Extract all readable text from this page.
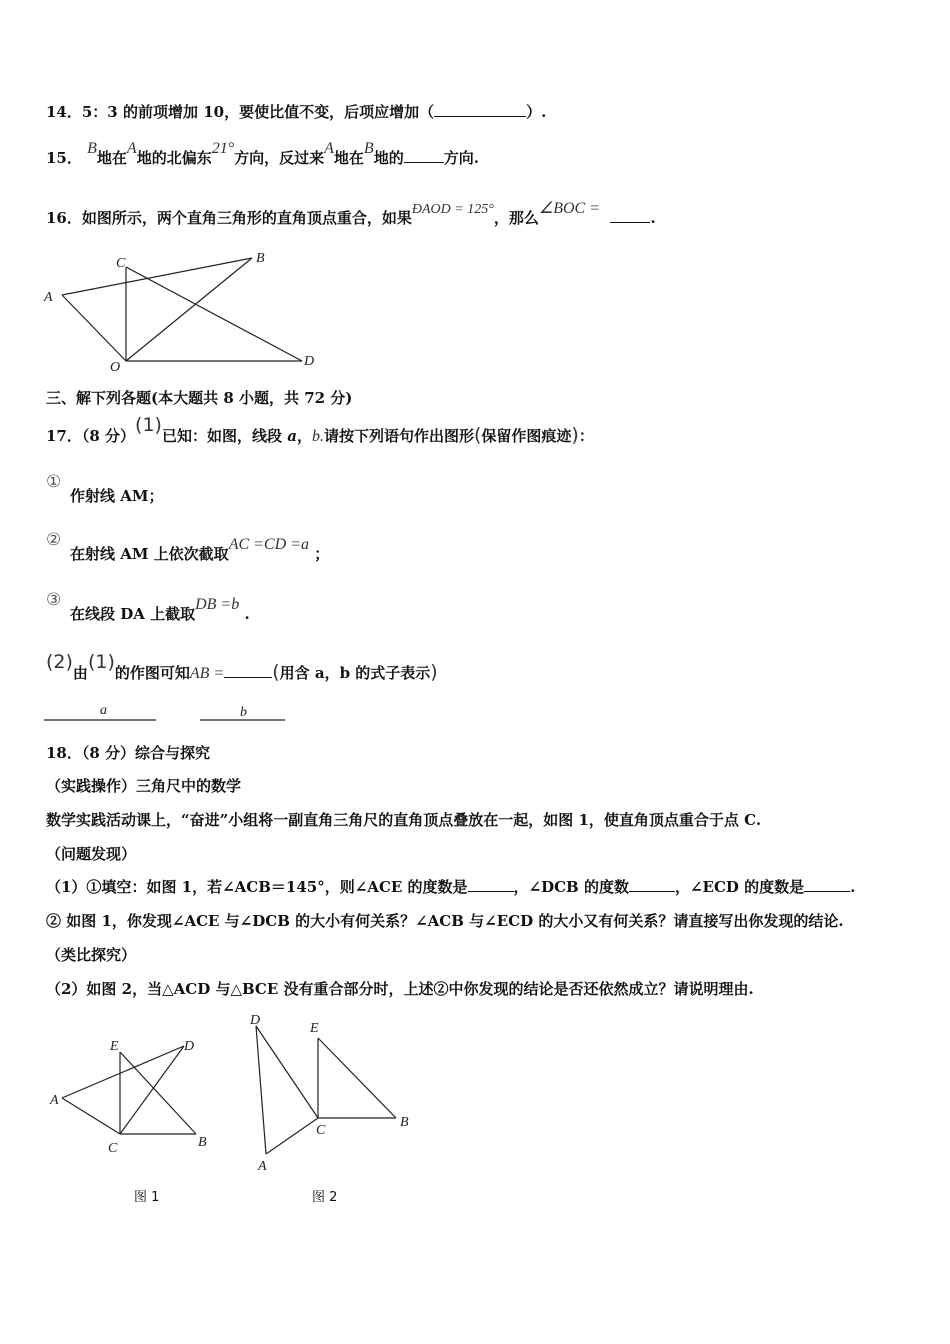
14．5：3 的前项增加 10，要使比值不变，后项应增加（	）.
15． B地在A地的北偏东21°方向，反过来A地在B地的	方向.
16．如图所示，两个直角三角形的直角顶点重合，如果ÐAOD = 125°，那么∠BOC =  .
A
B
C
O	D
三、解下列各题(本大题共 8 小题，共 72 分)
17．（8 分）(1)已知：如图，线段 a，b.请按下列语句作出图形(保留作图痕迹)：
①
作射线 AM；
②
在射线 AM 上依次截取AC =CD =a ；
③
在线段 DA 上截取DB =b .
(2)由(1)的作图可知AB =	(用含 a，b 的式子表示)
a	b
18．（8 分）综合与探究
（实践操作）三角尺中的数学
数学实践活动课上，“奋进”小组将一副直角三角尺的直角顶点叠放在一起，如图 1，使直角顶点重合于点 C.
（问题发现）
（1）①填空：如图 1，若∠ACB＝145°，则∠ACE 的度数是	，∠DCB 的度数	，∠ECD 的度数是	.
② 如图 1，你发现∠ACE 与∠DCB 的大小有何关系？∠ACB 与∠ECD 的大小又有何关系？请直接写出你发现的结论.
（类比探究）
（2）如图 2，当△ACD 与△BCE 没有重合部分时，上述②中你发现的结论是否还依然成立？请说明理由.
A
E	D
C	B
D
E
C
B
A
图 1	图 2
